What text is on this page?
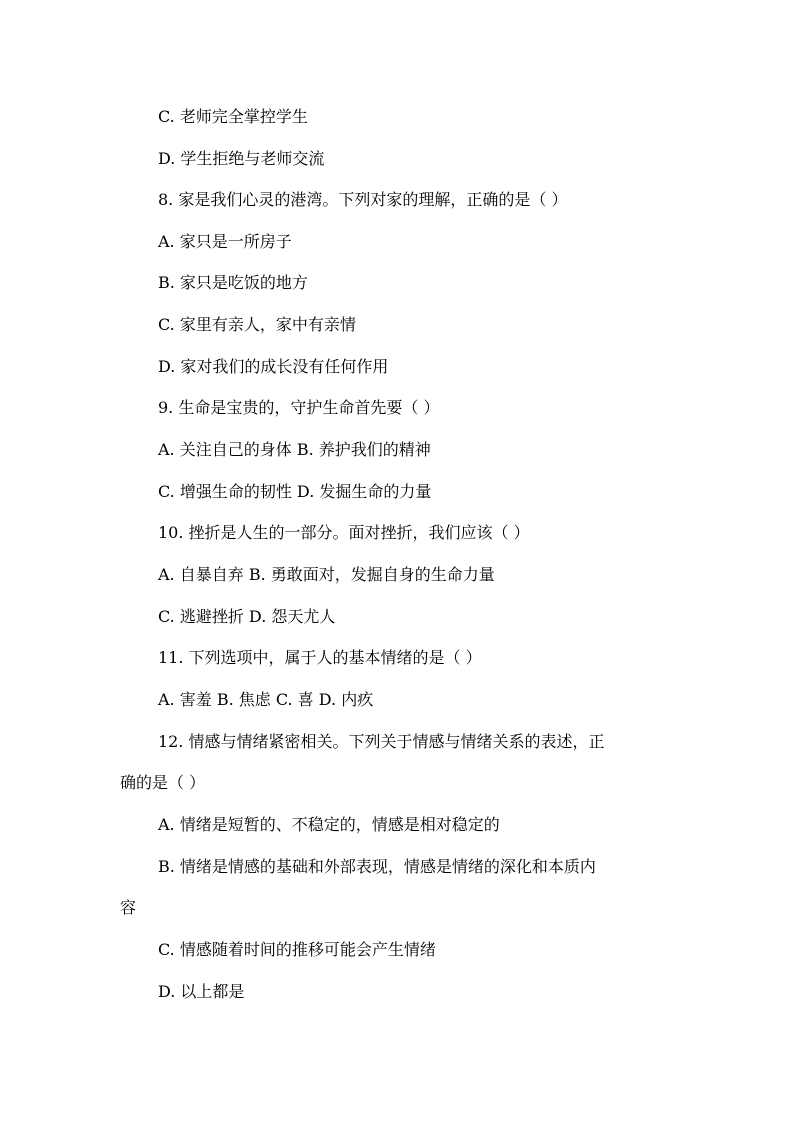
C. 老师完全掌控学生
D. 学生拒绝与老师交流
8. 家是我们心灵的港湾。下列对家的理解，正确的是（ ）
A. 家只是一所房子
B. 家只是吃饭的地方
C. 家里有亲人，家中有亲情
D. 家对我们的成长没有任何作用
9. 生命是宝贵的，守护生命首先要（ ）
A. 关注自己的身体 B. 养护我们的精神
C. 增强生命的韧性 D. 发掘生命的力量
10. 挫折是人生的一部分。面对挫折，我们应该（ ）
A. 自暴自弃 B. 勇敢面对，发掘自身的生命力量
C. 逃避挫折 D. 怨天尤人
11. 下列选项中，属于人的基本情绪的是（ ）
A. 害羞 B. 焦虑 C. 喜 D. 内疚
12. 情感与情绪紧密相关。下列关于情感与情绪关系的表述，正
确的是（ ）
A. 情绪是短暂的、不稳定的，情感是相对稳定的
B. 情绪是情感的基础和外部表现，情感是情绪的深化和本质内
容
C. 情感随着时间的推移可能会产生情绪
D. 以上都是
